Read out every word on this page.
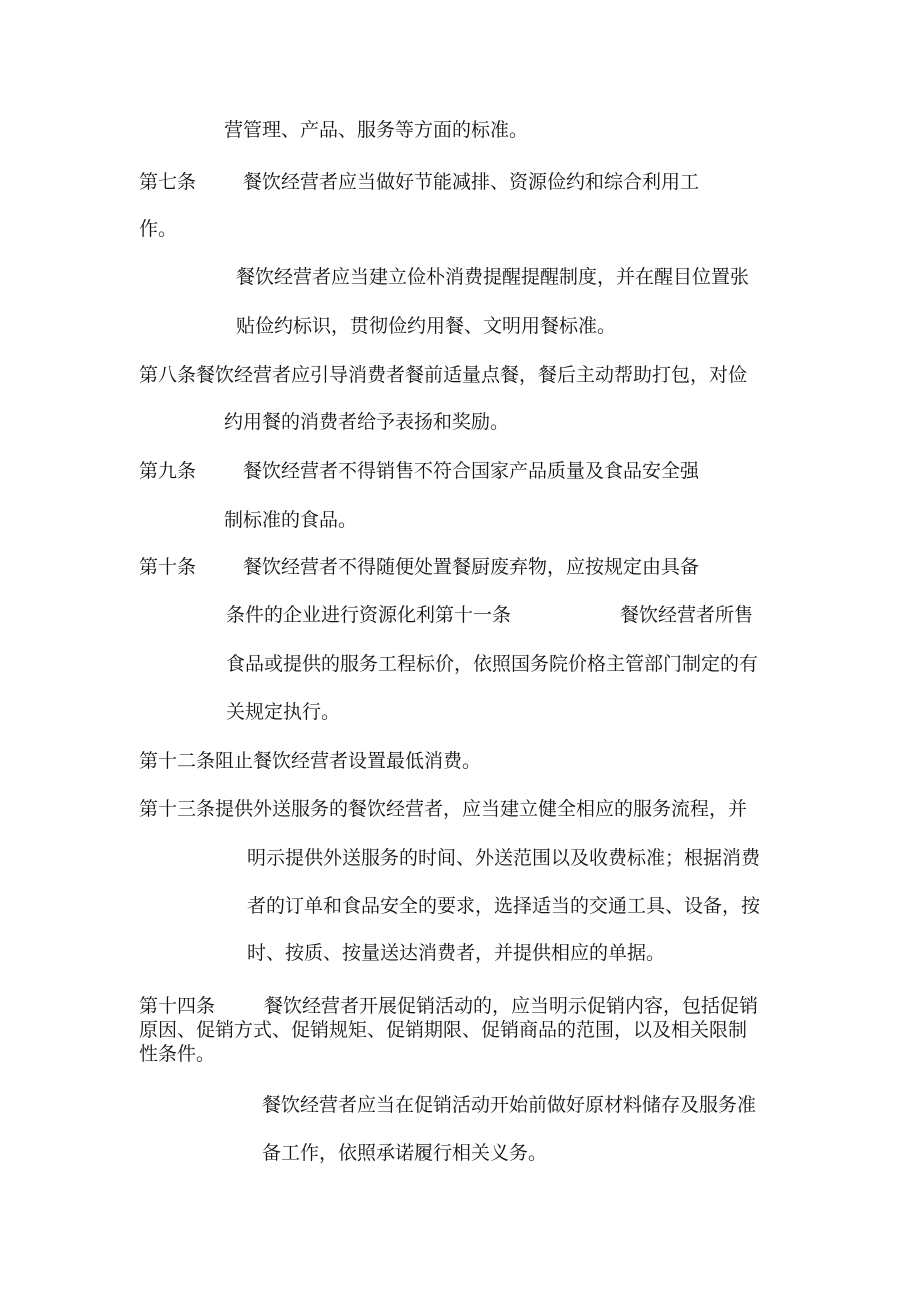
营管理、产品、服务等方面的标准。
第七条 餐饮经营者应当做好节能减排、资源俭约和综合利用工
作。
餐饮经营者应当建立俭朴消费提醒提醒制度，并在醒目位置张
贴俭约标识，贯彻俭约用餐、文明用餐标准。
第八条餐饮经营者应引导消费者餐前适量点餐，餐后主动帮助打包，对俭
约用餐的消费者给予表扬和奖励。
第九条 餐饮经营者不得销售不符合国家产品质量及食品安全强
制标准的食品。
第十条 餐饮经营者不得随便处置餐厨废弃物，应按规定由具备
条件的企业进行资源化利第十一条	餐饮经营者所售
食品或提供的服务工程标价，依照国务院价格主管部门制定的有
关规定执行。
第十二条阻止餐饮经营者设置最低消费。
第十三条提供外送服务的餐饮经营者，应当建立健全相应的服务流程，并
明示提供外送服务的时间、外送范围以及收费标准；根据消费
者的订单和食品安全的要求，选择适当的交通工具、设备，按
时、按质、按量送达消费者，并提供相应的单据。
第十四条	餐饮经营者开展促销活动的，应当明示促销内容，包括促销
原因、促销方式、促销规矩、促销期限、促销商品的范围，以及相关限制
性条件。
餐饮经营者应当在促销活动开始前做好原材料储存及服务准
备工作，依照承诺履行相关义务。
